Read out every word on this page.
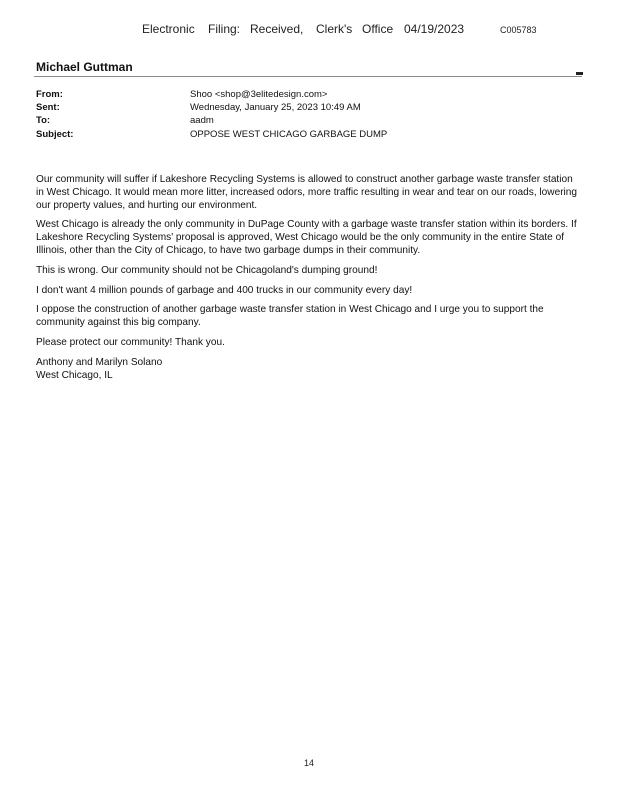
Electronic Filing: Received, Clerk's Office 04/19/2023	C005783
Michael Guttman
From:	Shoo <shop@3elitedesign.com>
Sent:	Wednesday, January 25, 2023 10:49 AM
To:	aadm
Subject:	OPPOSE WEST CHICAGO GARBAGE DUMP

Our community will suffer if Lakeshore Recycling Systems is allowed to construct another garbage waste transfer station in West Chicago. It would mean more litter, increased odors, more traffic resulting in wear and tear on our roads, lowering our property values, and hurting our environment.

West Chicago is already the only community in DuPage County with a garbage waste transfer station within its borders. If Lakeshore Recycling Systems' proposal is approved, West Chicago would be the only community in the entire State of Illinois, other than the City of Chicago, to have two garbage dumps in their community.

This is wrong. Our community should not be Chicagoland's dumping ground!

I don't want 4 million pounds of garbage and 400 trucks in our community every day!

I oppose the construction of another garbage waste transfer station in West Chicago and I urge you to support the community against this big company.

Please protect our community! Thank you.

Anthony and Marilyn Solano
West Chicago, IL
14
